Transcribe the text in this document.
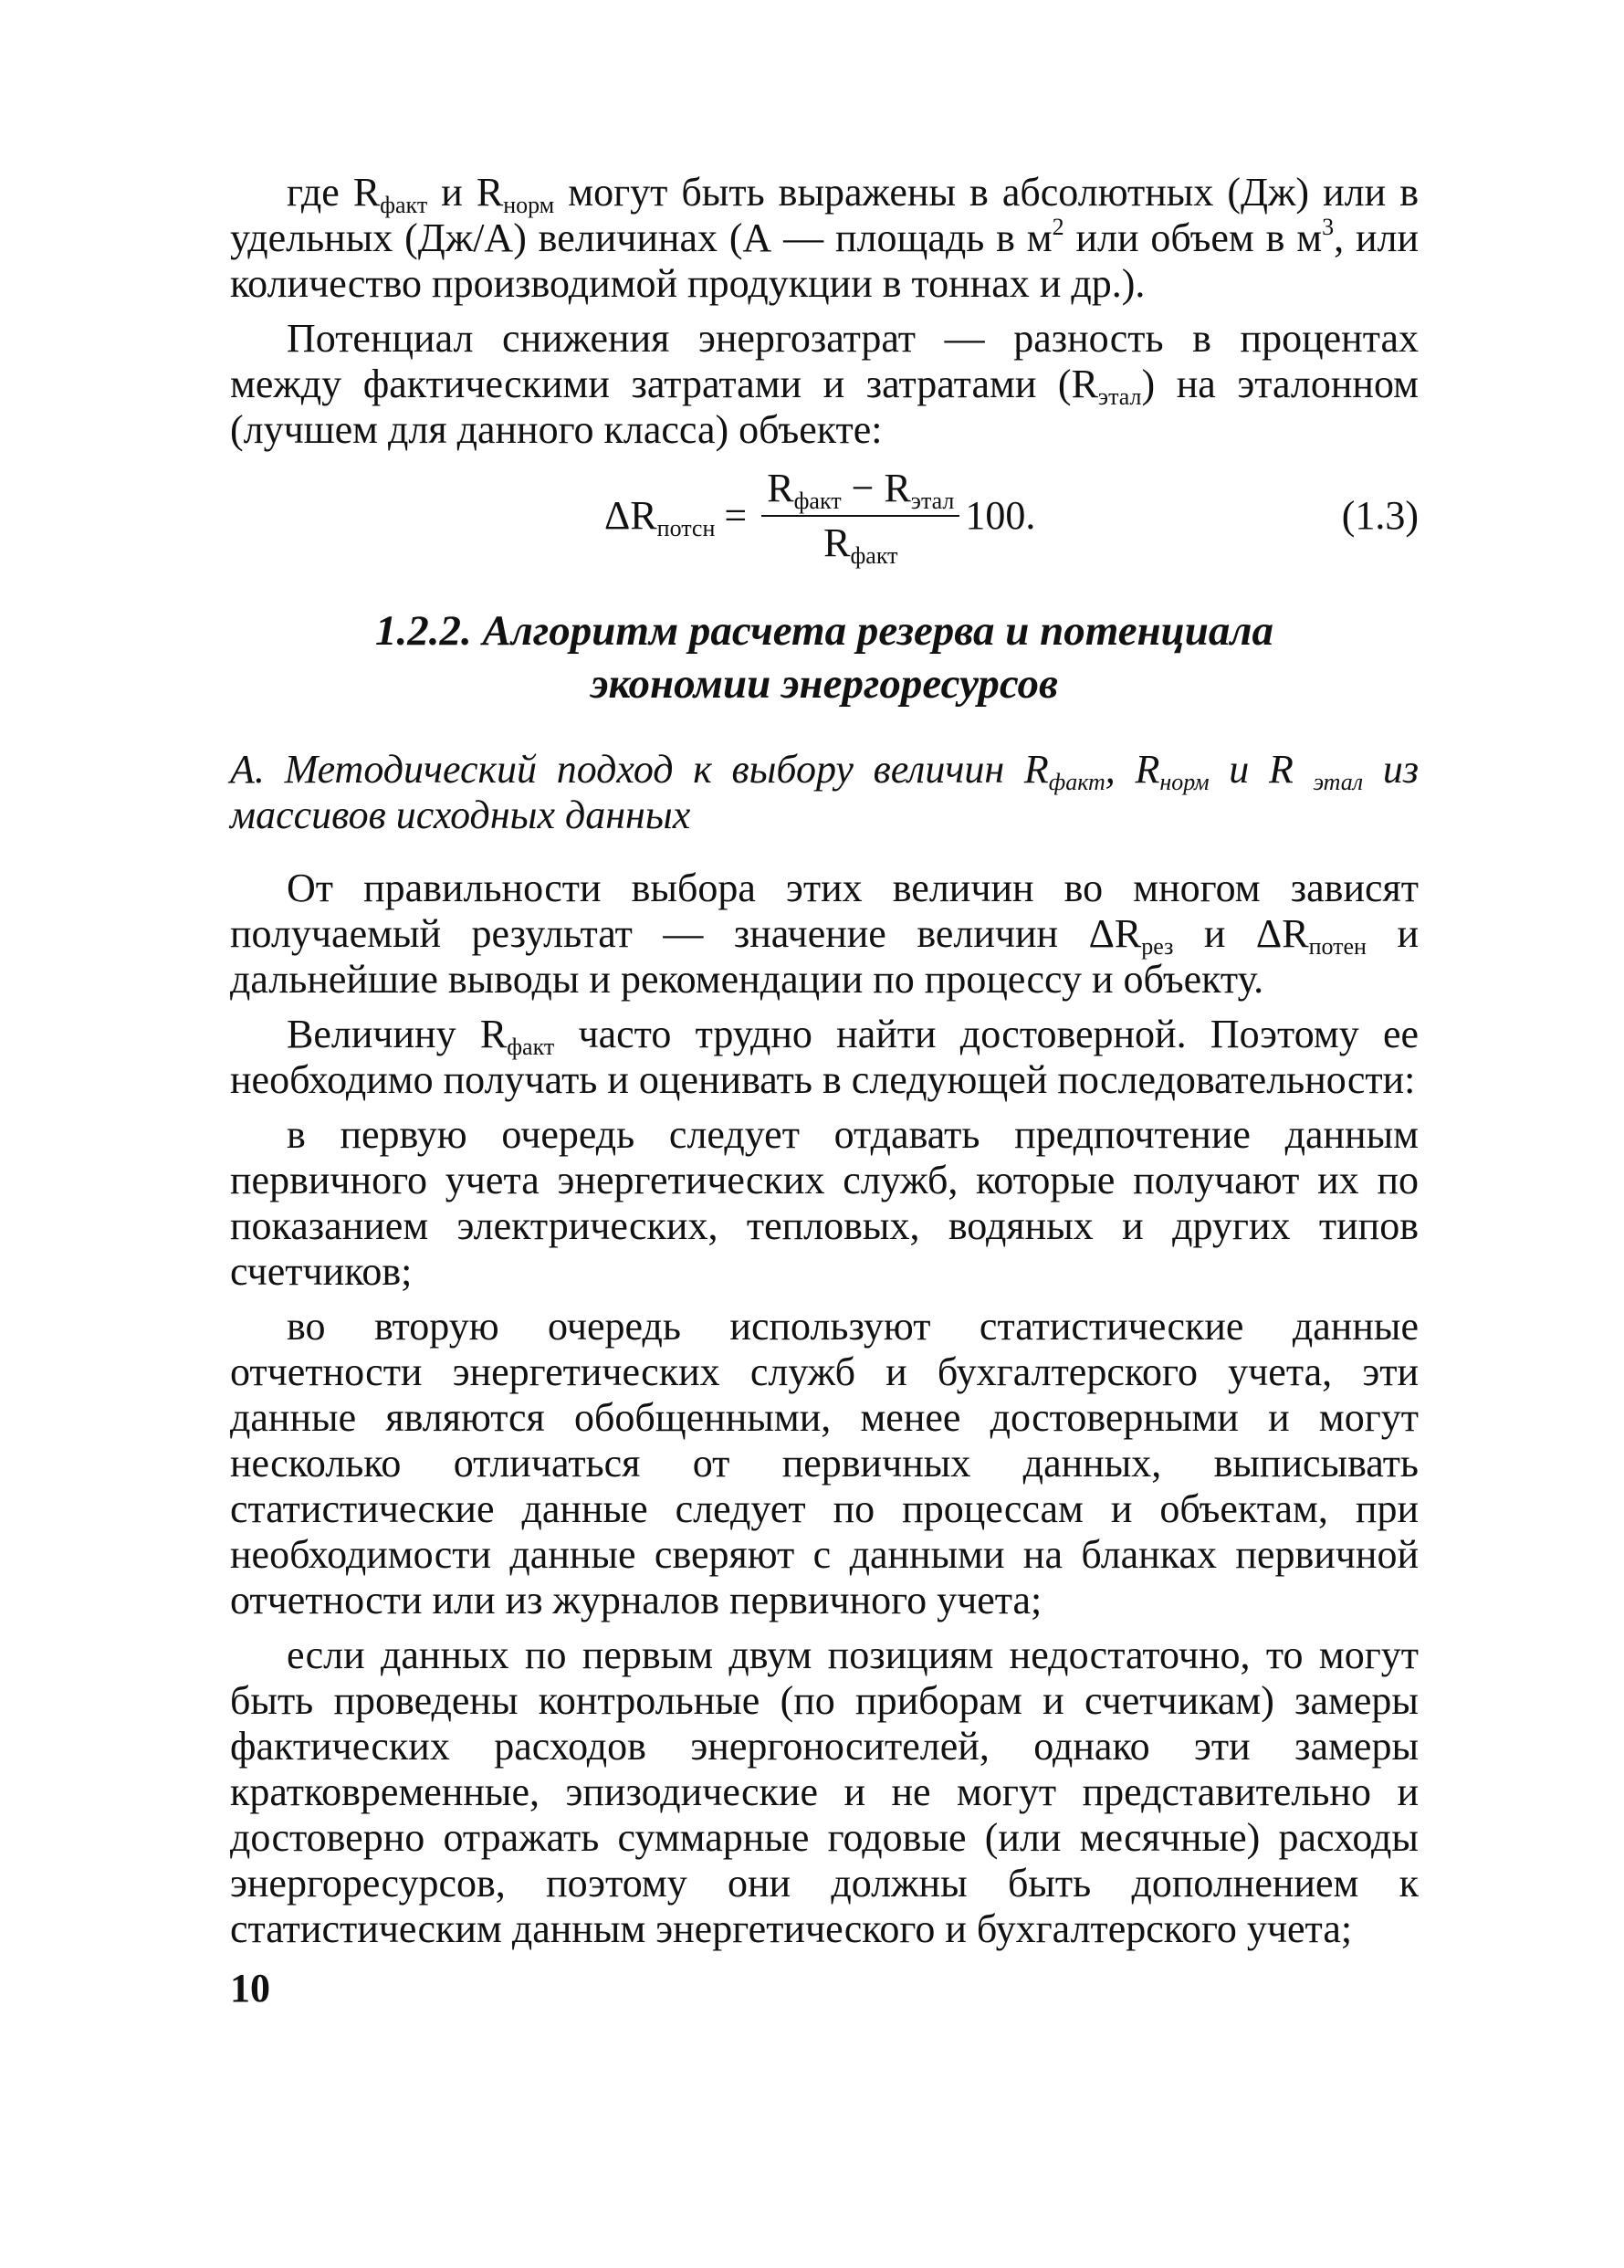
где $R_{факт}$ и $R_{норм}$ могут быть выражены в абсолютных (Дж) или в удельных (Дж/А) величинах (А — площадь в $м^2$ или объем в $м^3$, или количество производимой продукции в тоннах и др.).

Потенциал снижения энергозатрат — разность в процентах между фактическими затратами и затратами $(R_{этал})$ на эталонном (лучшем для данного класса) объекте:

$\Delta R_{потсн} = \frac{R_{факт} - R_{этал}}{R_{факт}} 100$.	(1.3)
1.2.2. Алгоритм расчета резерва и потенциала
экономии энергоресурсов

А. Методический подход к выбору величин $R_{факт}$, $R_{норм}$ и R $_{этал}$ из массивов исходных данных

От правильности выбора этих величин во многом зависят получаемый результат — значение величин $\Delta R_{рез}$ и $\Delta R_{потен}$ и дальнейшие выводы и рекомендации по процессу и объекту.

Величину $R_{факт}$ часто трудно найти достоверной. Поэтому ее необходимо получать и оценивать в следующей последовательности:

в первую очередь следует отдавать предпочтение данным первичного учета энергетических служб, которые получают их по показанием электрических, тепловых, водяных и других типов счетчиков;

во вторую очередь используют статистические данные отчетности энергетических служб и бухгалтерского учета, эти данные являются обобщенными, менее достоверными и могут несколько отличаться от первичных данных, выписывать статистические данные следует по процессам и объектам, при необходимости данные сверяют с данными на бланках первичной отчетности или из журналов первичного учета;

если данных по первым двум позициям недостаточно, то могут быть проведены контрольные (по приборам и счетчикам) замеры фактических расходов энергоносителей, однако эти замеры кратковременные, эпизодические и не могут представительно и достоверно отражать суммарные годовые (или месячные) расходы энергоресурсов, поэтому они должны быть дополнением к статистическим данным энергетического и бухгалтерского учета;

10
